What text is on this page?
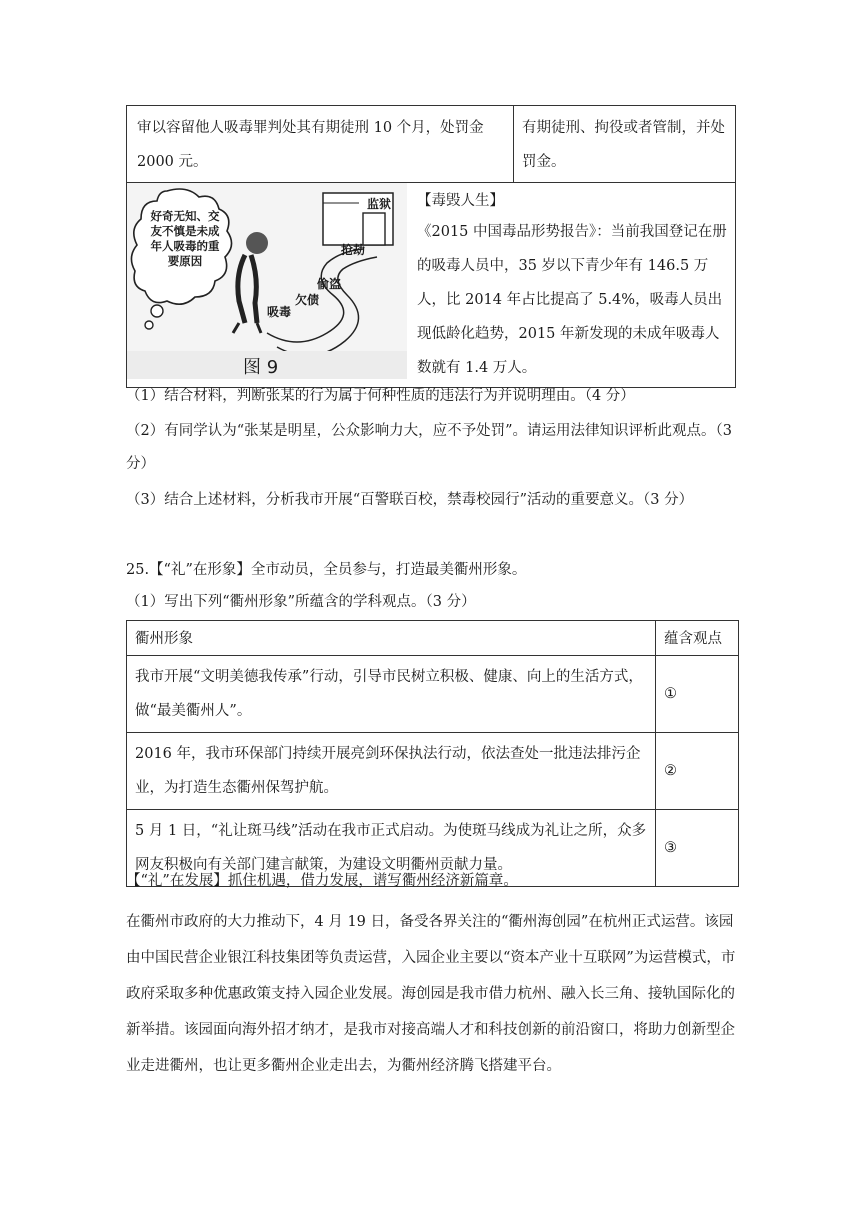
审以容留他人吸毒罪判处其有期徒刑 10 个月，处罚金 2000 元。	有期徒刑、拘役或者管制，并处罚金。

好奇无知、交友不慎是未成年人吸毒的重要原因
监狱
吸毒
欠债
偷盗
抢劫
图 9
【毒毁人生】
《2015 中国毒品形势报告》：当前我国登记在册的吸毒人员中，35 岁以下青少年有 146.5 万人，比 2014 年占比提高了 5.4%，吸毒人员出现低龄化趋势，2015 年新发现的未成年吸毒人数就有 1.4 万人。
（1）结合材料，判断张某的行为属于何种性质的违法行为并说明理由。（4 分）
（2）有同学认为“张某是明星，公众影响力大，应不予处罚”。请运用法律知识评析此观点。（3 分）
（3）结合上述材料，分析我市开展“百警联百校，禁毒校园行”活动的重要意义。（3 分）
25.【“礼”在形象】全市动员，全员参与，打造最美衢州形象。
（1）写出下列“衢州形象”所蕴含的学科观点。（3 分）
衢州形象	蕴含观点
我市开展“文明美德我传承”行动，引导市民树立积极、健康、向上的生活方式，做“最美衢州人”。	①
2016 年，我市环保部门持续开展亮剑环保执法行动，依法查处一批违法排污企业，为打造生态衢州保驾护航。	②
5 月 1 日，“礼让斑马线”活动在我市正式启动。为使斑马线成为礼让之所，众多网友积极向有关部门建言献策，为建设文明衢州贡献力量。	③
【“礼”在发展】抓住机遇，借力发展，谱写衢州经济新篇章。
在衢州市政府的大力推动下，4 月 19 日，备受各界关注的“衢州海创园”在杭州正式运营。该园由中国民营企业银江科技集团等负责运营，入园企业主要以“资本产业十互联网”为运营模式，市政府采取多种优惠政策支持入园企业发展。海创园是我市借力杭州、融入长三角、接轨国际化的新举措。该园面向海外招才纳才，是我市对接高端人才和科技创新的前沿窗口，将助力创新型企业走进衢州，也让更多衢州企业走出去，为衢州经济腾飞搭建平台。
